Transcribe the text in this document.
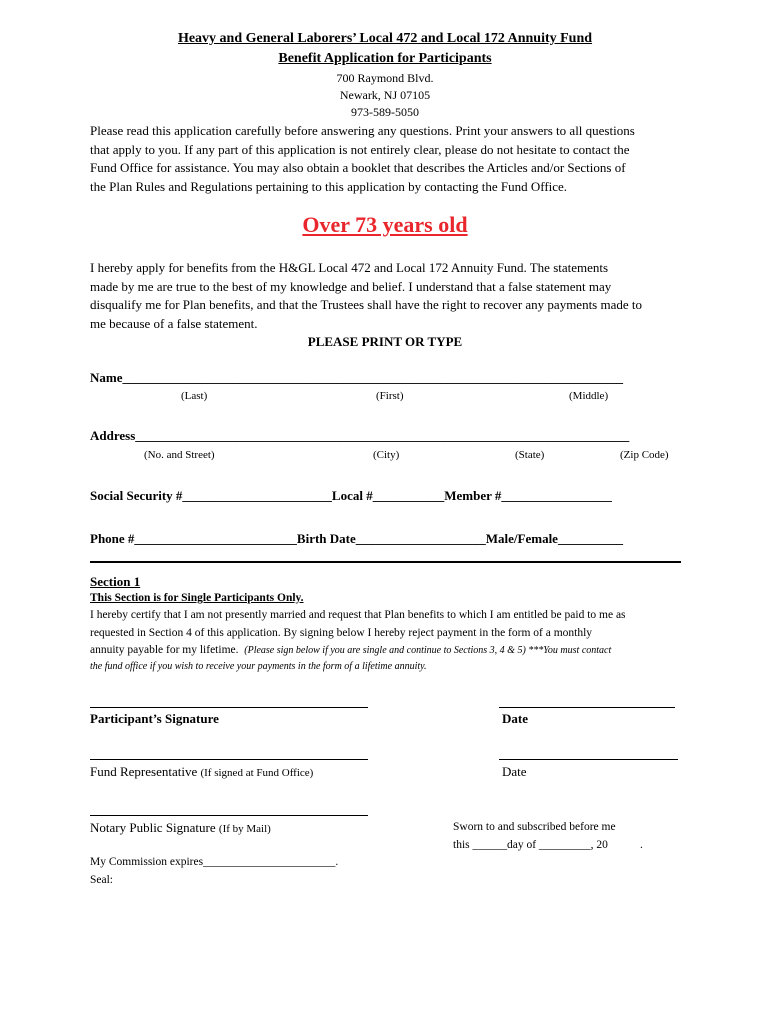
Heavy and General Laborers’ Local 472 and Local 172 Annuity Fund
Benefit Application for Participants
700 Raymond Blvd.
Newark, NJ 07105
973-589-5050
Please read this application carefully before answering any questions. Print your answers to all questions
that apply to you. If any part of this application is not entirely clear, please do not hesitate to contact the
Fund Office for assistance. You may also obtain a booklet that describes the Articles and/or Sections of
the Plan Rules and Regulations pertaining to this application by contacting the Fund Office.
Over 73 years old
I hereby apply for benefits from the H&GL Local 472 and Local 172 Annuity Fund. The statements
made by me are true to the best of my knowledge and belief. I understand that a false statement may
disqualify me for Plan benefits, and that the Trustees shall have the right to recover any payments made to
me because of a false statement.
PLEASE PRINT OR TYPE
Name_____________________________________________________________________________
(Last)	(First)	(Middle)
Address____________________________________________________________________________
(No. and Street)	(City)	(State)	(Zip Code)
Social Security #_______________________Local #___________Member #_________________
Phone #_________________________Birth Date____________________Male/Female__________
Section 1
This Section is for Single Participants Only.
I hereby certify that I am not presently married and request that Plan benefits to which I am entitled be paid to me as
requested in Section 4 of this application. By signing below I hereby reject payment in the form of a monthly
annuity payable for my lifetime. (Please sign below if you are single and continue to Sections 3, 4 & 5) ***You must contact
the fund office if you wish to receive your payments in the form of a lifetime annuity.
Participant’s Signature	Date
Fund Representative (If signed at Fund Office)	Date
Notary Public Signature (If by Mail)	Sworn to and subscribed before me
this ______day of _________, 20	.
My Commission expires_______________________.
Seal:
